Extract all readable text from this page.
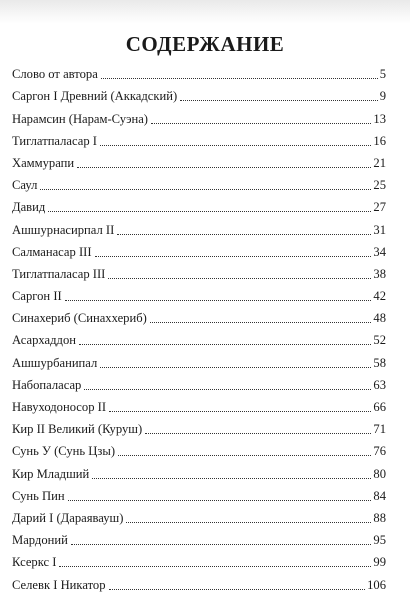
СОДЕРЖАНИЕ
Слово от автора	5
Саргон I Древний (Аккадский)	9
Нарамсин (Нарам-Суэна)	13
Тиглатпаласар I	16
Хаммурапи	21
Саул	25
Давид	27
Ашшурнасирпал II	31
Салманасар III	34
Тиглатпаласар III	38
Саргон II	42
Синахериб (Синаххериб)	48
Асархаддон	52
Ашшурбанипал	58
Набопаласар	63
Навуходоносор II	66
Кир II Великий (Куруш)	71
Сунь У (Сунь Цзы)	76
Кир Младший	80
Сунь Пин	84
Дарий I (Дараявауш)	88
Мардоний	95
Ксеркс I	99
Селевк I Никатор	106
